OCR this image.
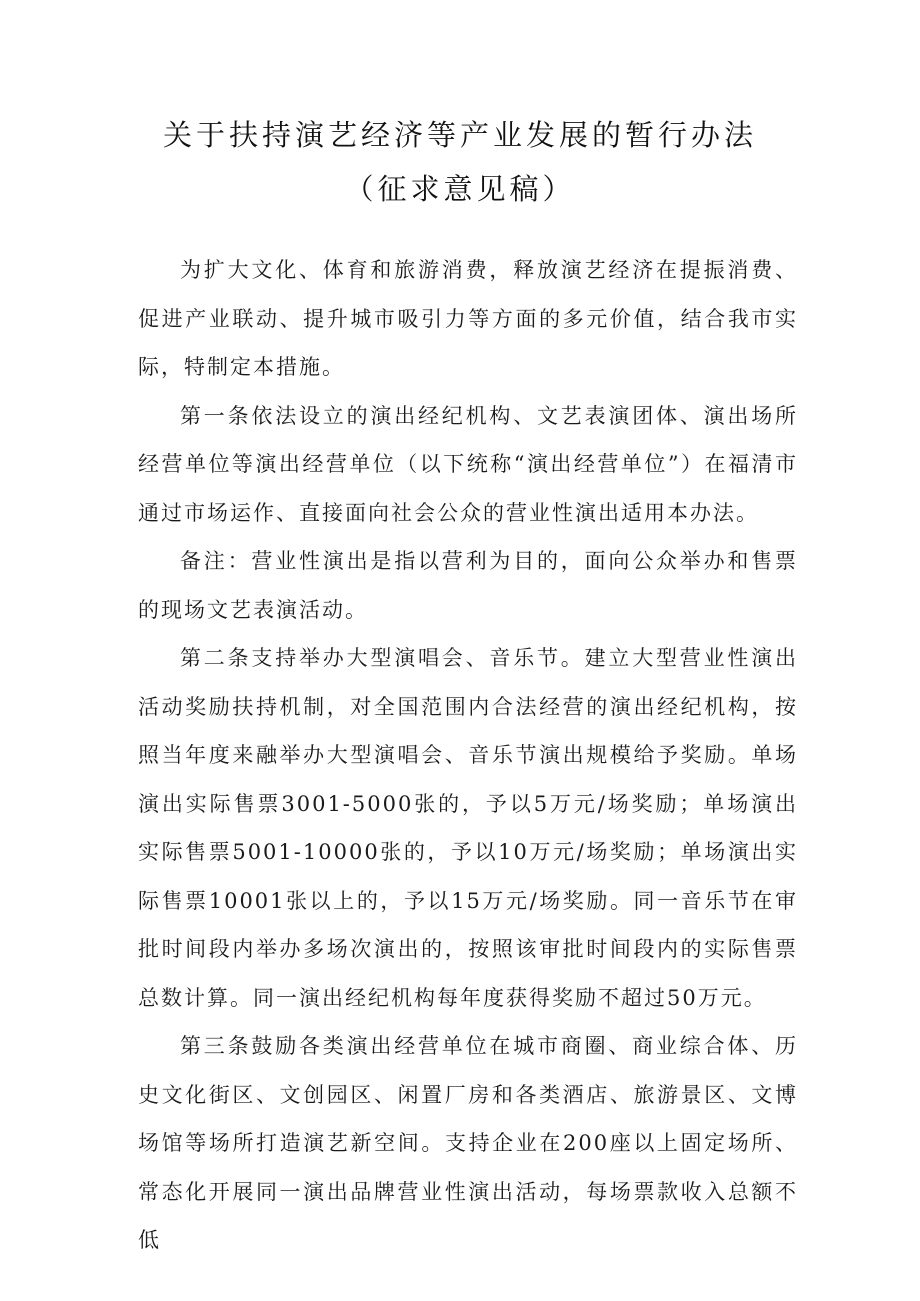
关于扶持演艺经济等产业发展的暂行办法（征求意见稿）

为扩大文化、体育和旅游消费，释放演艺经济在提振消费、促进产业联动、提升城市吸引力等方面的多元价值，结合我市实际，特制定本措施。

第一条依法设立的演出经纪机构、文艺表演团体、演出场所经营单位等演出经营单位（以下统称“演出经营单位”）在福清市通过市场运作、直接面向社会公众的营业性演出适用本办法。

备注：营业性演出是指以营利为目的，面向公众举办和售票的现场文艺表演活动。

第二条支持举办大型演唱会、音乐节。建立大型营业性演出活动奖励扶持机制，对全国范围内合法经营的演出经纪机构，按照当年度来融举办大型演唱会、音乐节演出规模给予奖励。单场演出实际售票3001-5000张的，予以5万元/场奖励；单场演出实际售票5001-10000张的，予以10万元/场奖励；单场演出实际售票10001张以上的，予以15万元/场奖励。同一音乐节在审批时间段内举办多场次演出的，按照该审批时间段内的实际售票总数计算。同一演出经纪机构每年度获得奖励不超过50万元。

第三条鼓励各类演出经营单位在城市商圈、商业综合体、历史文化街区、文创园区、闲置厂房和各类酒店、旅游景区、文博场馆等场所打造演艺新空间。支持企业在200座以上固定场所、常态化开展同一演出品牌营业性演出活动，每场票款收入总额不低
